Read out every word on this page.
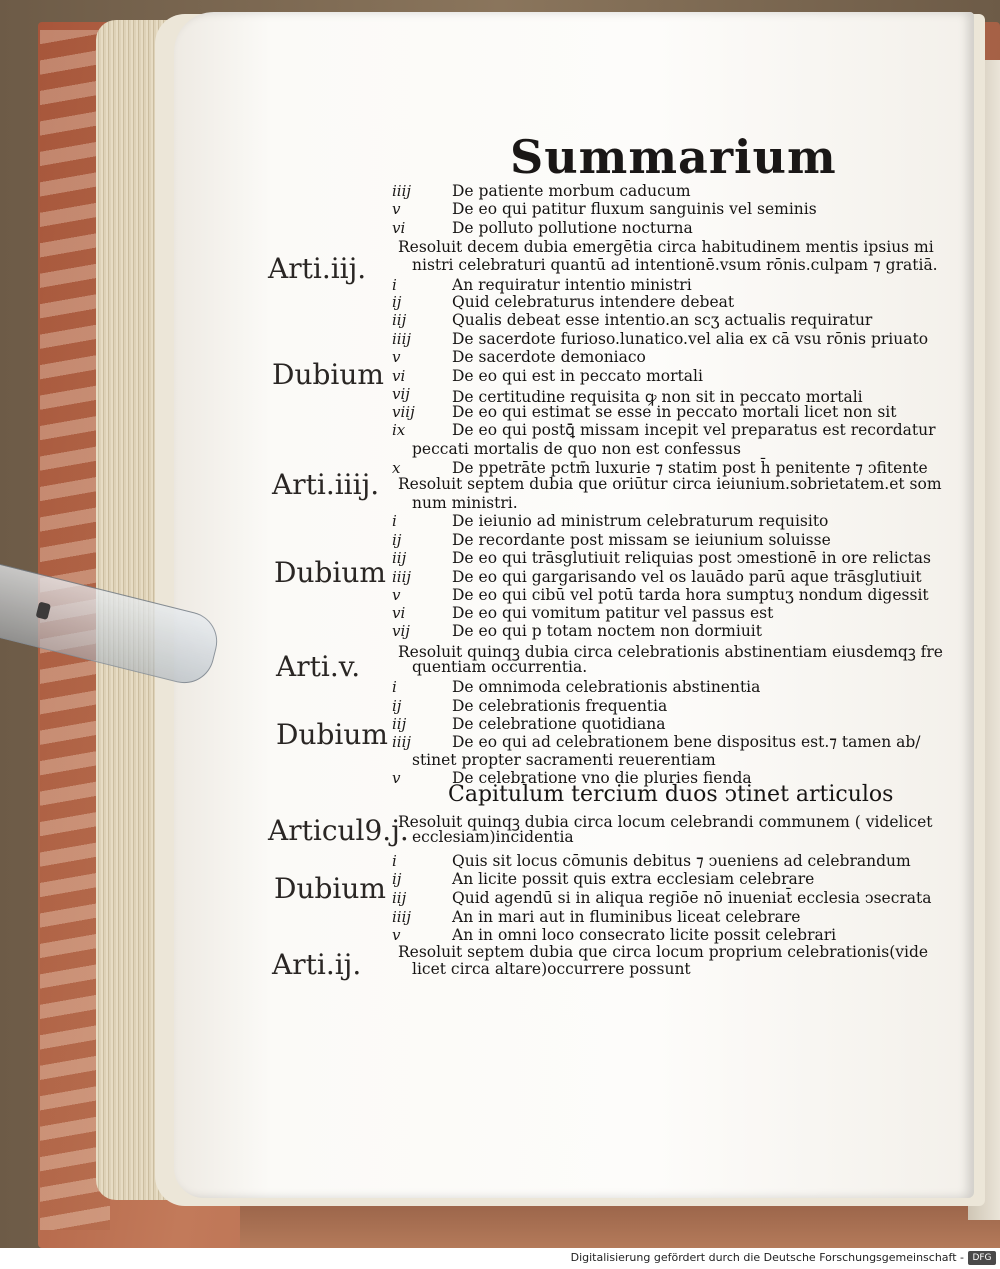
Summarium
Arti.iij.
Dubium
Arti.iiij.
Dubium
Arti.v.
Dubium
Articul9.j.
Dubium
Arti.ij.
iiij	De patiente morbum caducum
v	De eo qui patitur fluxum sanguinis vel seminis
vi	De polluto pollutione nocturna
Resoluit decem dubia emergētia circa habitudinem mentis ipsius mi
nistri celebraturi quantū ad intentionē.vsum rōnis.culpam ⁊ gratiā.
i	An requiratur intentio ministri
ij	Quid celebraturus intendere debeat
iij	Qualis debeat esse intentio.an scʒ actualis requiratur
iiij	De sacerdote furioso.lunatico.vel alia ex cā vsu rōnis priuato
v	De sacerdote demoniaco
vi	De eo qui est in peccato mortali
vij	De certitudine requisita ꝙ non sit in peccato mortali
viij De eo qui estimat se esse in peccato mortali licet non sit
ix	De eo qui postꝗ̄ missam incepit vel preparatus est recordatur
peccati mortalis de quo non est confessus
x	De ppetrāte pctm̄ luxurie ⁊ statim post h̄ penitente ⁊ ↄfitente
Resoluit septem dubia que oriūtur circa ieiunium.sobrietatem.et som
num ministri.
i	De ieiunio ad ministrum celebraturum requisito
ij	De recordante post missam se ieiunium soluisse
iij	De eo qui trāsglutiuit reliquias post ↄmestionē in ore relictas
iiij	De eo qui gargarisando vel os lauādo parū aque trāsglutiuit
v	De eo qui cibū vel potū tarda hora sumptuʒ nondum digessit
vi	De eo qui vomitum patitur vel passus est
vij	De eo qui p totam noctem non dormiuit
Resoluit quinqꝫ dubia circa celebrationis abstinentiam eiusdemqꝫ fre
quentiam occurrentia.
i	De omnimoda celebrationis abstinentia
ij	De celebrationis frequentia
iij	De celebratione quotidiana
iiij	De eo qui ad celebrationem bene dispositus est.⁊ tamen ab/
stinet propter sacramenti reuerentiam
v	De celebratione vno die pluries fienda
Capitulum tercium duos ↄtinet articulos
Resoluit quinqꝫ dubia circa locum celebrandi communem ( videlicet
ecclesiam)incidentia
i	Quis sit locus cōmunis debitus ⁊ ↄueniens ad celebrandum
ij	An licite possit quis extra ecclesiam celebrare
iij	Quid agendū si in aliqua regiōe nō inueniat̄ ecclesia ↄsecrata
iiij	An in mari aut in fluminibus liceat celebrare
v	An in omni loco consecrato licite possit celebrari
Resoluit septem dubia que circa locum proprium celebrationis(vide
licet circa altare)occurrere possunt
Digitalisierung gefördert durch die Deutsche Forschungsgemeinschaft - DFG
